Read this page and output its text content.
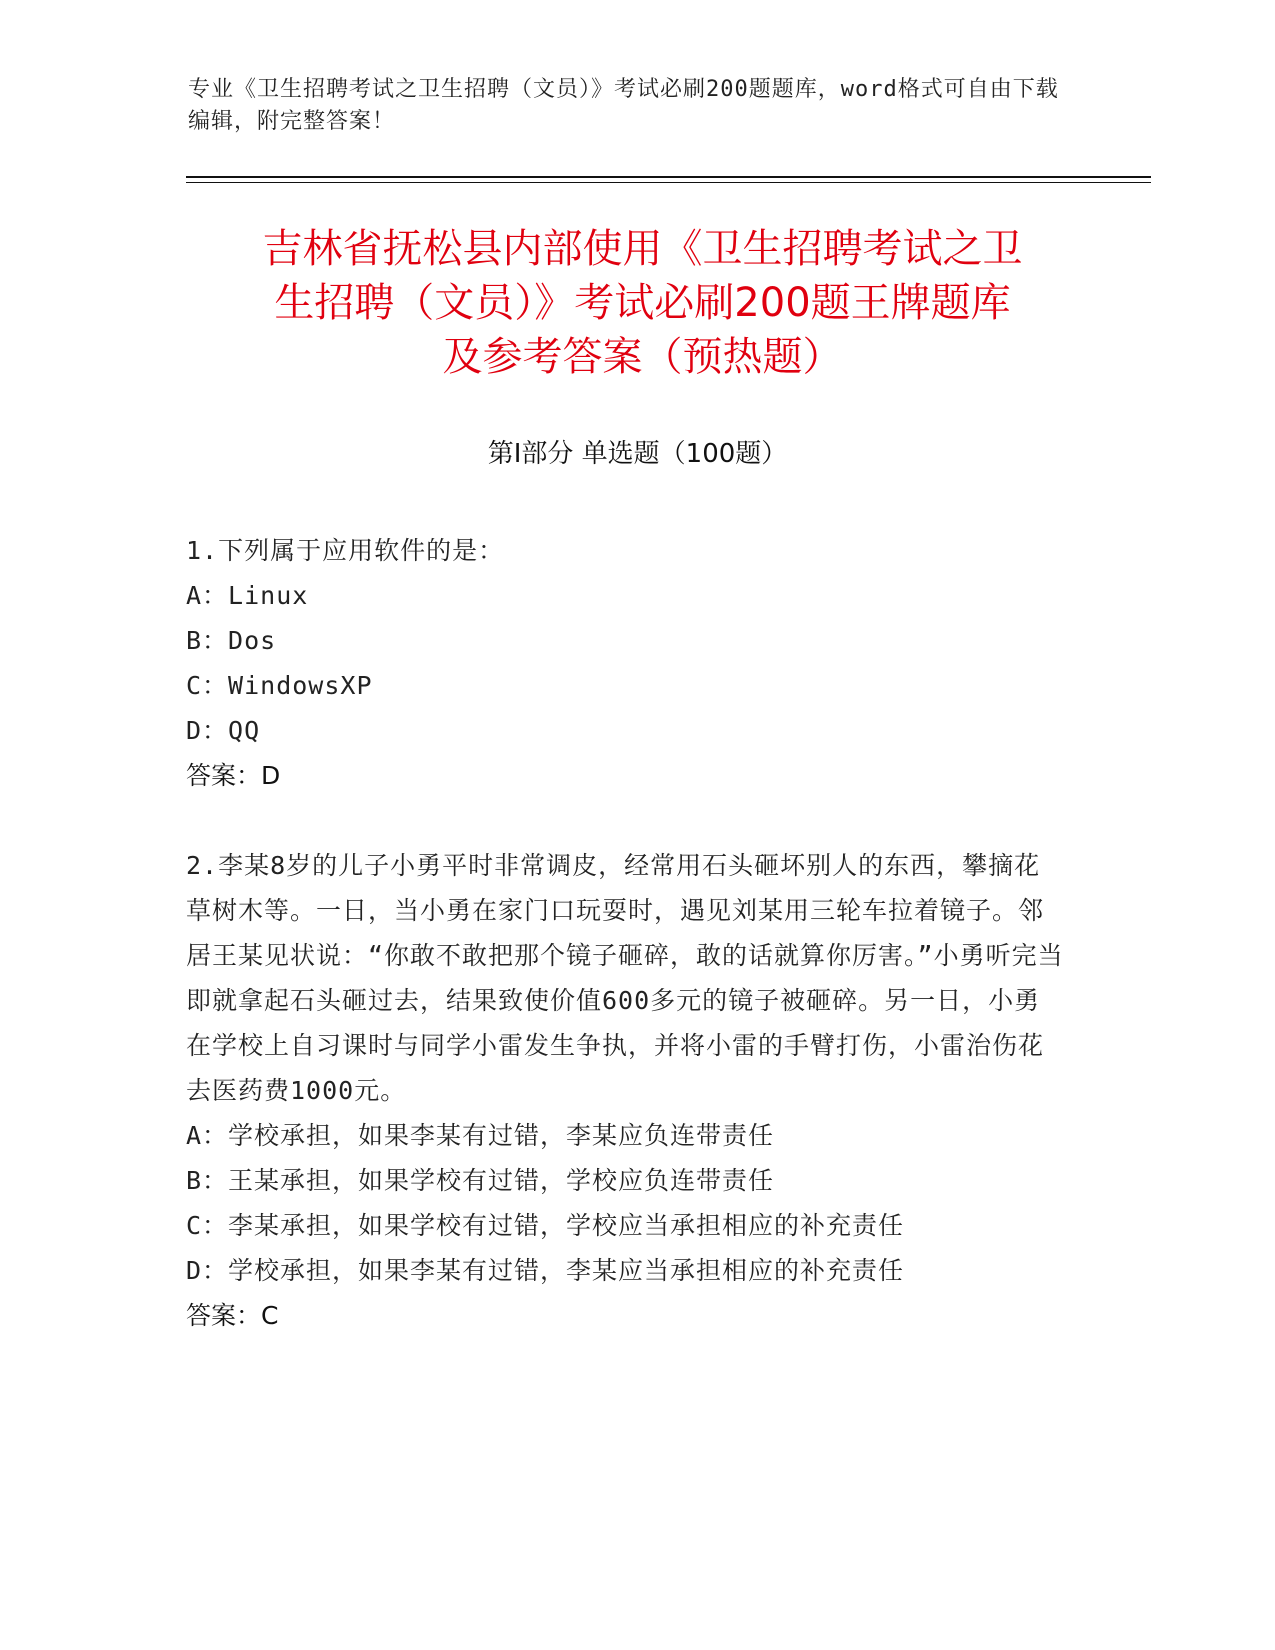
专业《卫生招聘考试之卫生招聘（文员）》考试必刷200题题库，word格式可自由下载编辑，附完整答案！
吉林省抚松县内部使用《卫生招聘考试之卫
生招聘（文员）》考试必刷200题王牌题库
及参考答案（预热题）
第Ⅰ部分 单选题（100题）

1.下列属于应用软件的是：

A：Linux

B：Dos

C：WindowsXP

D：QQ

答案：D

2.李某8岁的儿子小勇平时非常调皮，经常用石头砸坏别人的东西，攀摘花草树木等。一日，当小勇在家门口玩耍时，遇见刘某用三轮车拉着镜子。邻居王某见状说：“你敢不敢把那个镜子砸碎，敢的话就算你厉害。”小勇听完当即就拿起石头砸过去，结果致使价值600多元的镜子被砸碎。另一日，小勇在学校上自习课时与同学小雷发生争执，并将小雷的手臂打伤，小雷治伤花去医药费1000元。

A：学校承担，如果李某有过错，李某应负连带责任

B：王某承担，如果学校有过错，学校应负连带责任

C：李某承担，如果学校有过错，学校应当承担相应的补充责任

D：学校承担，如果李某有过错，李某应当承担相应的补充责任

答案：C
